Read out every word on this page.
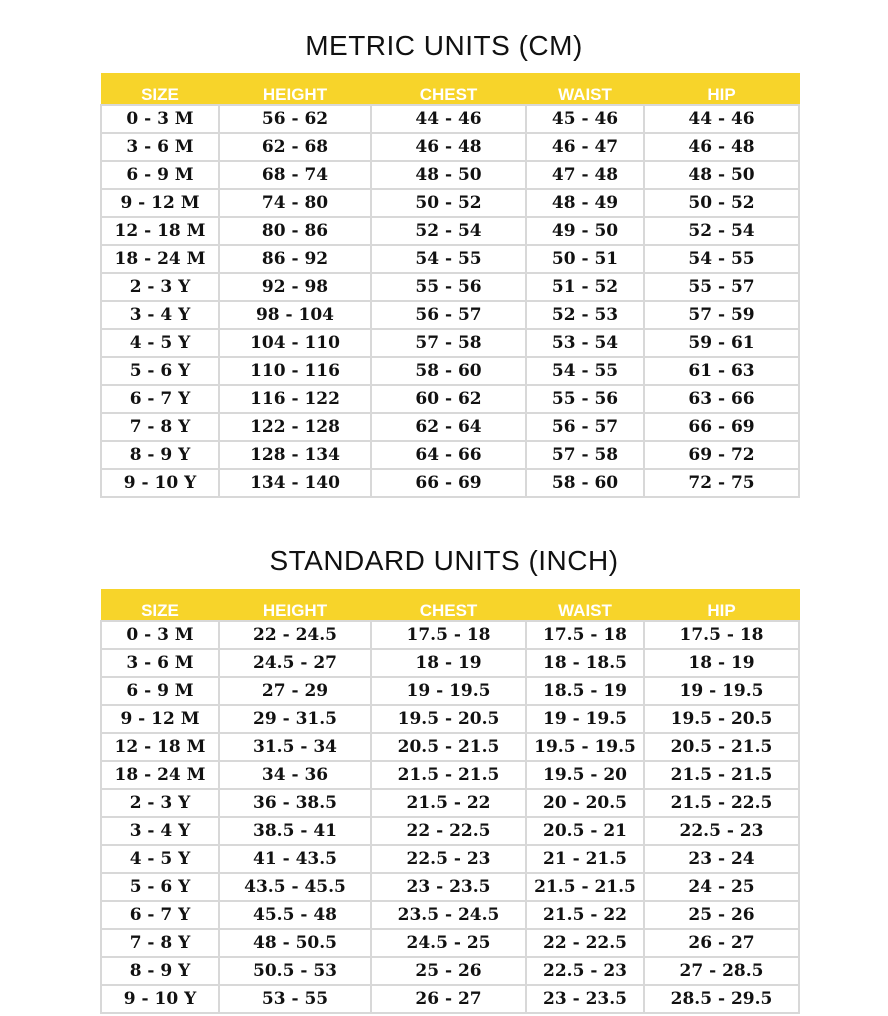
METRIC UNITS (CM)
SIZE	HEIGHT	CHEST	WAIST	HIP
0 - 3 M	56 - 62	44 - 46	45 - 46	44 - 46
3 - 6 M	62 - 68	46 - 48	46 - 47	46 - 48
6 - 9 M	68 - 74	48 - 50	47 - 48	48 - 50
9 - 12 M	74 - 80	50 - 52	48 - 49	50 - 52
12 - 18 M	80 - 86	52 - 54	49 - 50	52 - 54
18 - 24 M	86 - 92	54 - 55	50 - 51	54 - 55
2 - 3 Y	92 - 98	55 - 56	51 - 52	55 - 57
3 - 4 Y	98 - 104	56 - 57	52 - 53	57 - 59
4 - 5 Y	104 - 110	57 - 58	53 - 54	59 - 61
5 - 6 Y	110 - 116	58 - 60	54 - 55	61 - 63
6 - 7 Y	116 - 122	60 - 62	55 - 56	63 - 66
7 - 8 Y	122 - 128	62 - 64	56 - 57	66 - 69
8 - 9 Y	128 - 134	64 - 66	57 - 58	69 - 72
9 - 10 Y	134 - 140	66 - 69	58 - 60	72 - 75
STANDARD UNITS (INCH)
SIZE	HEIGHT	CHEST	WAIST	HIP
0 - 3 M	22 - 24.5	17.5 - 18	17.5 - 18	17.5 - 18
3 - 6 M	24.5 - 27	18 - 19	18 - 18.5	18 - 19
6 - 9 M	27 - 29	19 - 19.5	18.5 - 19	19 - 19.5
9 - 12 M	29 - 31.5	19.5 - 20.5	19 - 19.5	19.5 - 20.5
12 - 18 M	31.5 - 34	20.5 - 21.5	19.5 - 19.5	20.5 - 21.5
18 - 24 M	34 - 36	21.5 - 21.5	19.5 - 20	21.5 - 21.5
2 - 3 Y	36 - 38.5	21.5 - 22	20 - 20.5	21.5 - 22.5
3 - 4 Y	38.5 - 41	22 - 22.5	20.5 - 21	22.5 - 23
4 - 5 Y	41 - 43.5	22.5 - 23	21 - 21.5	23 - 24
5 - 6 Y	43.5 - 45.5	23 - 23.5	21.5 - 21.5	24 - 25
6 - 7 Y	45.5 - 48	23.5 - 24.5	21.5 - 22	25 - 26
7 - 8 Y	48 - 50.5	24.5 - 25	22 - 22.5	26 - 27
8 - 9 Y	50.5 - 53	25 - 26	22.5 - 23	27 - 28.5
9 - 10 Y	53 - 55	26 - 27	23 - 23.5	28.5 - 29.5
